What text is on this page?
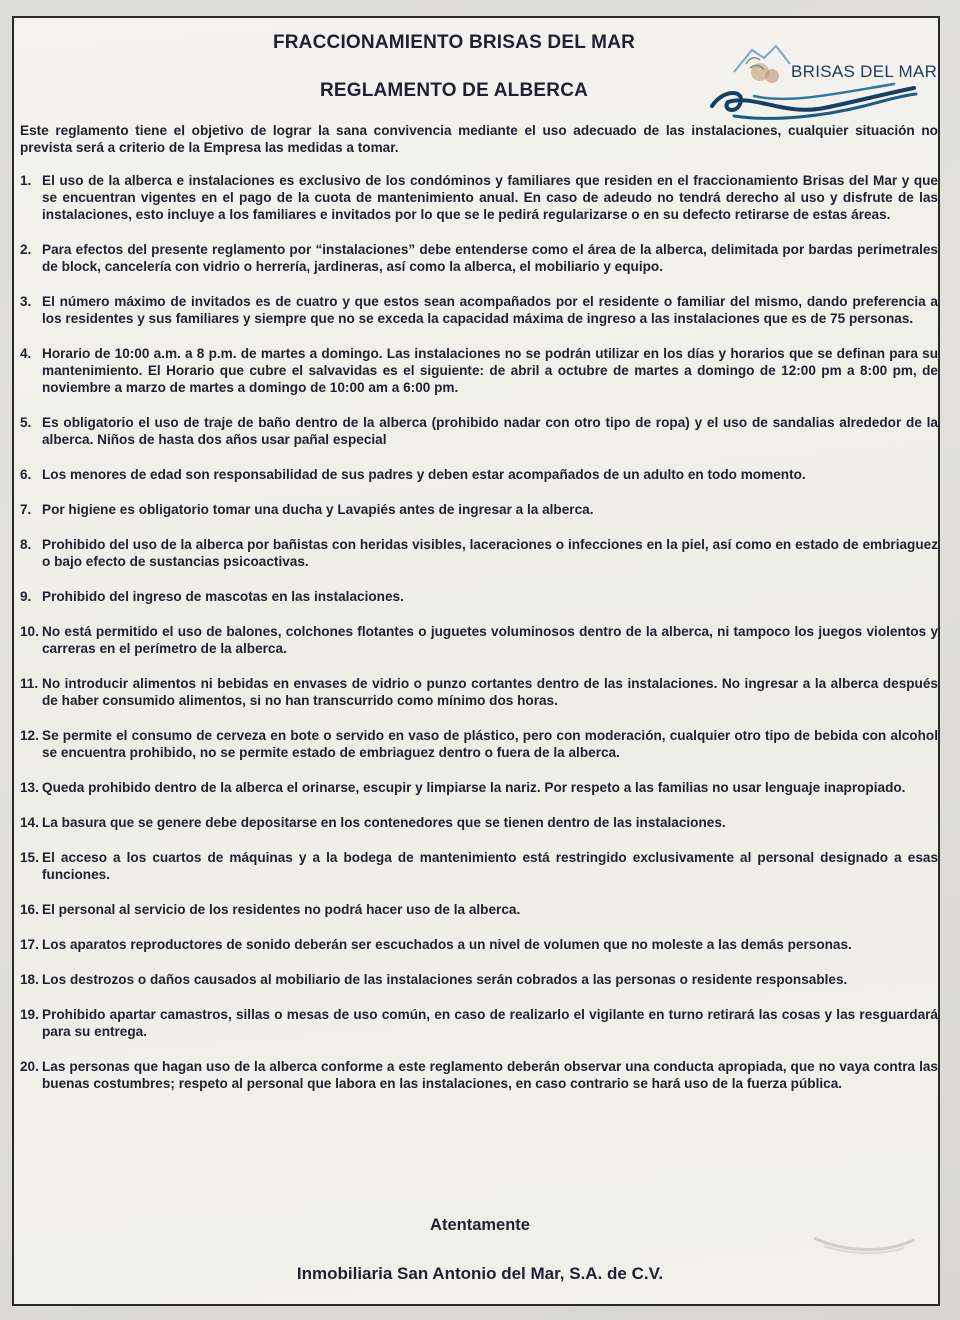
FRACCIONAMIENTO BRISAS DEL MAR
REGLAMENTO DE ALBERCA
BRISAS DEL MAR
Este reglamento tiene el objetivo de lograr la sana convivencia mediante el uso adecuado de las instalaciones, cualquier situación no prevista será a criterio de la Empresa las medidas a tomar.
1. El uso de la alberca e instalaciones es exclusivo de los condóminos y familiares que residen en el fraccionamiento Brisas del Mar y que se encuentran vigentes en el pago de la cuota de mantenimiento anual. En caso de adeudo no tendrá derecho al uso y disfrute de las instalaciones, esto incluye a los familiares e invitados por lo que se le pedirá regularizarse o en su defecto retirarse de estas áreas.
2. Para efectos del presente reglamento por “instalaciones” debe entenderse como el área de la alberca, delimitada por bardas perimetrales de block, cancelería con vidrio o herrería, jardineras, así como la alberca, el mobiliario y equipo.
3. El número máximo de invitados es de cuatro y que estos sean acompañados por el residente o familiar del mismo, dando preferencia a los residentes y sus familiares y siempre que no se exceda la capacidad máxima de ingreso a las instalaciones que es de 75 personas.
4. Horario de 10:00 a.m. a 8 p.m. de martes a domingo. Las instalaciones no se podrán utilizar en los días y horarios que se definan para su mantenimiento. El Horario que cubre el salvavidas es el siguiente: de abril a octubre de martes a domingo de 12:00 pm a 8:00 pm, de noviembre a marzo de martes a domingo de 10:00 am a 6:00 pm.
5. Es obligatorio el uso de traje de baño dentro de la alberca (prohibido nadar con otro tipo de ropa) y el uso de sandalias alrededor de la alberca. Niños de hasta dos años usar pañal especial
6. Los menores de edad son responsabilidad de sus padres y deben estar acompañados de un adulto en todo momento.
7. Por higiene es obligatorio tomar una ducha y Lavapiés antes de ingresar a la alberca.
8. Prohibido del uso de la alberca por bañistas con heridas visibles, laceraciones o infecciones en la piel, así como en estado de embriaguez o bajo efecto de sustancias psicoactivas.
9. Prohibido del ingreso de mascotas en las instalaciones.
10. No está permitido el uso de balones, colchones flotantes o juguetes voluminosos dentro de la alberca, ni tampoco los juegos violentos y carreras en el perímetro de la alberca.
11. No introducir alimentos ni bebidas en envases de vidrio o punzo cortantes dentro de las instalaciones. No ingresar a la alberca después de haber consumido alimentos, si no han transcurrido como mínimo dos horas.
12. Se permite el consumo de cerveza en bote o servido en vaso de plástico, pero con moderación, cualquier otro tipo de bebida con alcohol se encuentra prohibido, no se permite estado de embriaguez dentro o fuera de la alberca.
13. Queda prohibido dentro de la alberca el orinarse, escupir y limpiarse la nariz. Por respeto a las familias no usar lenguaje inapropiado.
14. La basura que se genere debe depositarse en los contenedores que se tienen dentro de las instalaciones.
15. El acceso a los cuartos de máquinas y a la bodega de mantenimiento está restringido exclusivamente al personal designado a esas funciones.
16. El personal al servicio de los residentes no podrá hacer uso de la alberca.
17. Los aparatos reproductores de sonido deberán ser escuchados a un nivel de volumen que no moleste a las demás personas.
18. Los destrozos o daños causados al mobiliario de las instalaciones serán cobrados a las personas o residente responsables.
19. Prohibido apartar camastros, sillas o mesas de uso común, en caso de realizarlo el vigilante en turno retirará las cosas y las resguardará para su entrega.
20. Las personas que hagan uso de la alberca conforme a este reglamento deberán observar una conducta apropiada, que no vaya contra las buenas costumbres; respeto al personal que labora en las instalaciones, en caso contrario se hará uso de la fuerza pública.
Atentamente
Inmobiliaria San Antonio del Mar, S.A. de C.V.
